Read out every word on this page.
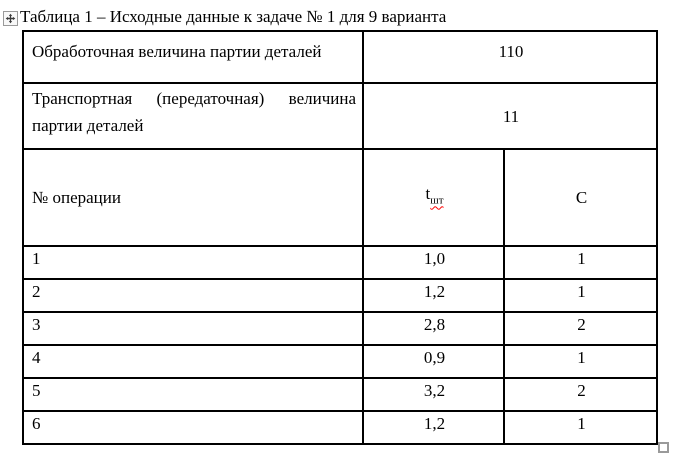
Таблица 1 – Исходные данные к задаче № 1 для 9 варианта
Обработочная величина партии деталей	110	
Транспортная (передаточная) величина партии деталей	11	
№ операции	$t_{шт}$	С
1	1,0	1
2	1,2	1
3	2,8	2
4	0,9	1
5	3,2	2
6	1,2	1
